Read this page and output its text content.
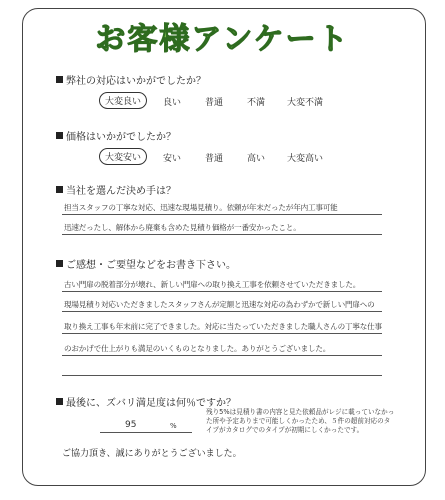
お客様アンケート
弊社の対応はいかがでしたか？
大変良い	良い	普通	不満 大変不満
価格はいかがでしたか？
大変安い	安い	普通	高い 大変高い
当社を選んだ決め手は？
担当スタッフの丁寧な対応、迅速な現場見積り。依頼が年末だったが年内工事可能
迅速だったし、解体から廃棄も含めた見積り価格が一番安かったこと。
ご感想・ご要望などをお書き下さい。
古い門扉の脱着部分が壊れ、新しい門扉への取り換え工事を依頼させていただきました。
現場見積り対応いただきましたスタッフさんが定額と迅速な対応の為わずかで新しい門扉への
取り換え工事も年末前に完了できました。対応に当たっていただきました職人さんの丁寧な仕事
のおかげで仕上がりも満足のいくものとなりました。ありがとうございました。
最後に、ズバリ満足度は何％ですか？
95	%
残り5%は見積り書の内容と見た依頼品がレジに載っていなかった所や予定ありまで可能しくかったため、５件の超前対応のタイプがカタログでのタイプが初期にしくかったです。
ご協力頂き、誠にありがとうございました。
